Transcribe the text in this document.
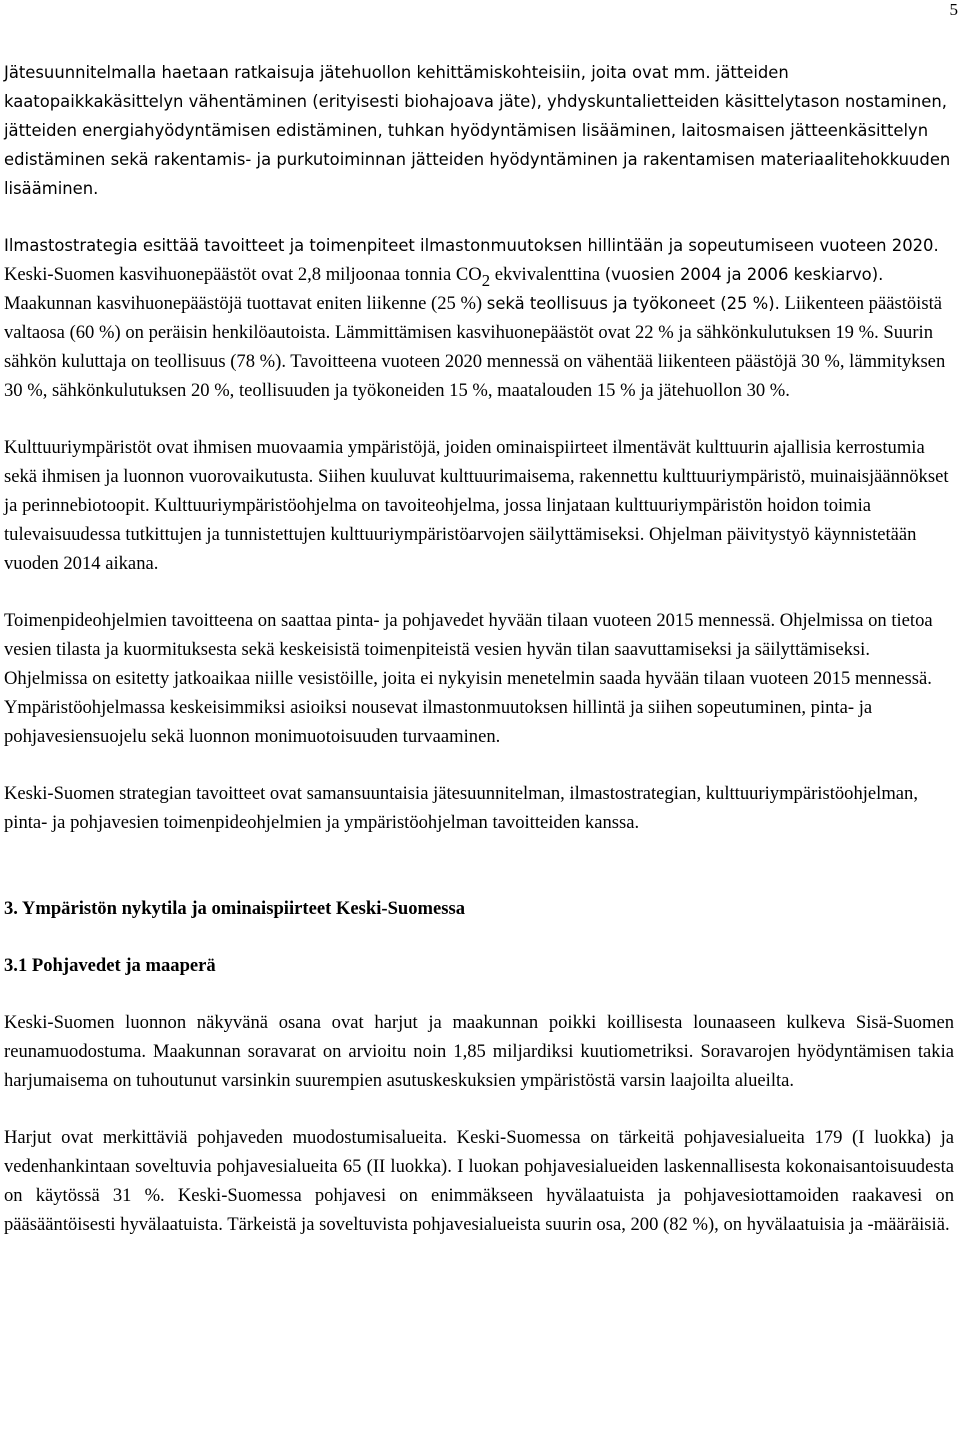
5

Jätesuunnitelmalla haetaan ratkaisuja jätehuollon kehittämiskohteisiin, joita ovat mm. jätteiden kaatopaikkakäsittelyn vähentäminen (erityisesti biohajoava jäte), yhdyskuntalietteiden käsittelytason nostaminen, jätteiden energiahyödyntämisen edistäminen, tuhkan hyödyntämisen lisääminen, laitosmaisen jätteenkäsittelyn edistäminen sekä rakentamis- ja purkutoiminnan jätteiden hyödyntäminen ja rakentamisen materiaalitehokkuuden lisääminen.

Ilmastostrategia esittää tavoitteet ja toimenpiteet ilmastonmuutoksen hillintään ja sopeutumiseen vuoteen 2020. Keski-Suomen kasvihuonepäästöt ovat 2,8 miljoonaa tonnia $CO_2$ ekvivalenttina (vuosien 2004 ja 2006 keskiarvo). Maakunnan kasvihuonepäästöjä tuottavat eniten liikenne (25 %) sekä teollisuus ja työkoneet (25 %). Liikenteen päästöistä valtaosa (60 %) on peräisin henkilöautoista. Lämmittämisen kasvihuonepäästöt ovat 22 % ja sähkönkulutuksen 19 %. Suurin sähkön kuluttaja on teollisuus (78 %). Tavoitteena vuoteen 2020 mennessä on vähentää liikenteen päästöjä 30 %, lämmityksen 30 %, sähkönkulutuksen 20 %, teollisuuden ja työkoneiden 15 %, maatalouden 15 % ja jätehuollon 30 %.

Kulttuuriympäristöt ovat ihmisen muovaamia ympäristöjä, joiden ominaispiirteet ilmentävät kulttuurin ajallisia kerrostumia sekä ihmisen ja luonnon vuorovaikutusta. Siihen kuuluvat kulttuurimaisema, rakennettu kulttuuriympäristö, muinaisjäännökset ja perinnebiotoopit. Kulttuuriympäristöohjelma on tavoiteohjelma, jossa linjataan kulttuuriympäristön hoidon toimia tulevaisuudessa tutkittujen ja tunnistettujen kulttuuriympäristöarvojen säilyttämiseksi. Ohjelman päivitystyö käynnistetään vuoden 2014 aikana.

Toimenpideohjelmien tavoitteena on saattaa pinta- ja pohjavedet hyvään tilaan vuoteen 2015 mennessä. Ohjelmissa on tietoa vesien tilasta ja kuormituksesta sekä keskeisistä toimenpiteistä vesien hyvän tilan saavuttamiseksi ja säilyttämiseksi. Ohjelmissa on esitetty jatkoaikaa niille vesistöille, joita ei nykyisin menetelmin saada hyvään tilaan vuoteen 2015 mennessä. Ympäristöohjelmassa keskeisimmiksi asioiksi nousevat ilmastonmuutoksen hillintä ja siihen sopeutuminen, pinta- ja pohjavesiensuojelu sekä luonnon monimuotoisuuden turvaaminen.

Keski-Suomen strategian tavoitteet ovat samansuuntaisia jätesuunnitelman, ilmastostrategian, kulttuuriympäristöohjelman, pinta- ja pohjavesien toimenpideohjelmien ja ympäristöohjelman tavoitteiden kanssa.

3. Ympäristön nykytila ja ominaispiirteet Keski-Suomessa

3.1 Pohjavedet ja maaperä

Keski-Suomen luonnon näkyvänä osana ovat harjut ja maakunnan poikki koillisesta lounaaseen kulkeva Sisä-Suomen reunamuodostuma. Maakunnan soravarat on arvioitu noin 1,85 miljardiksi kuutiometriksi. Soravarojen hyödyntämisen takia harjumaisema on tuhoutunut varsinkin suurempien asutuskeskuksien ympäristöstä varsin laajoilta alueilta.

Harjut ovat merkittäviä pohjaveden muodostumisalueita. Keski-Suomessa on tärkeitä pohjavesialueita 179 (I luokka) ja vedenhankintaan soveltuvia pohjavesialueita 65 (II luokka). I luokan pohjavesialueiden laskennallisesta kokonaisantoisuudesta on käytössä 31 %. Keski-Suomessa pohjavesi on enimmäkseen hyvälaatuista ja pohjavesiottamoiden raakavesi on pääsääntöisesti hyvälaatuista. Tärkeistä ja soveltuvista pohjavesialueista suurin osa, 200 (82 %), on hyvälaatuisia ja -määräisiä.
